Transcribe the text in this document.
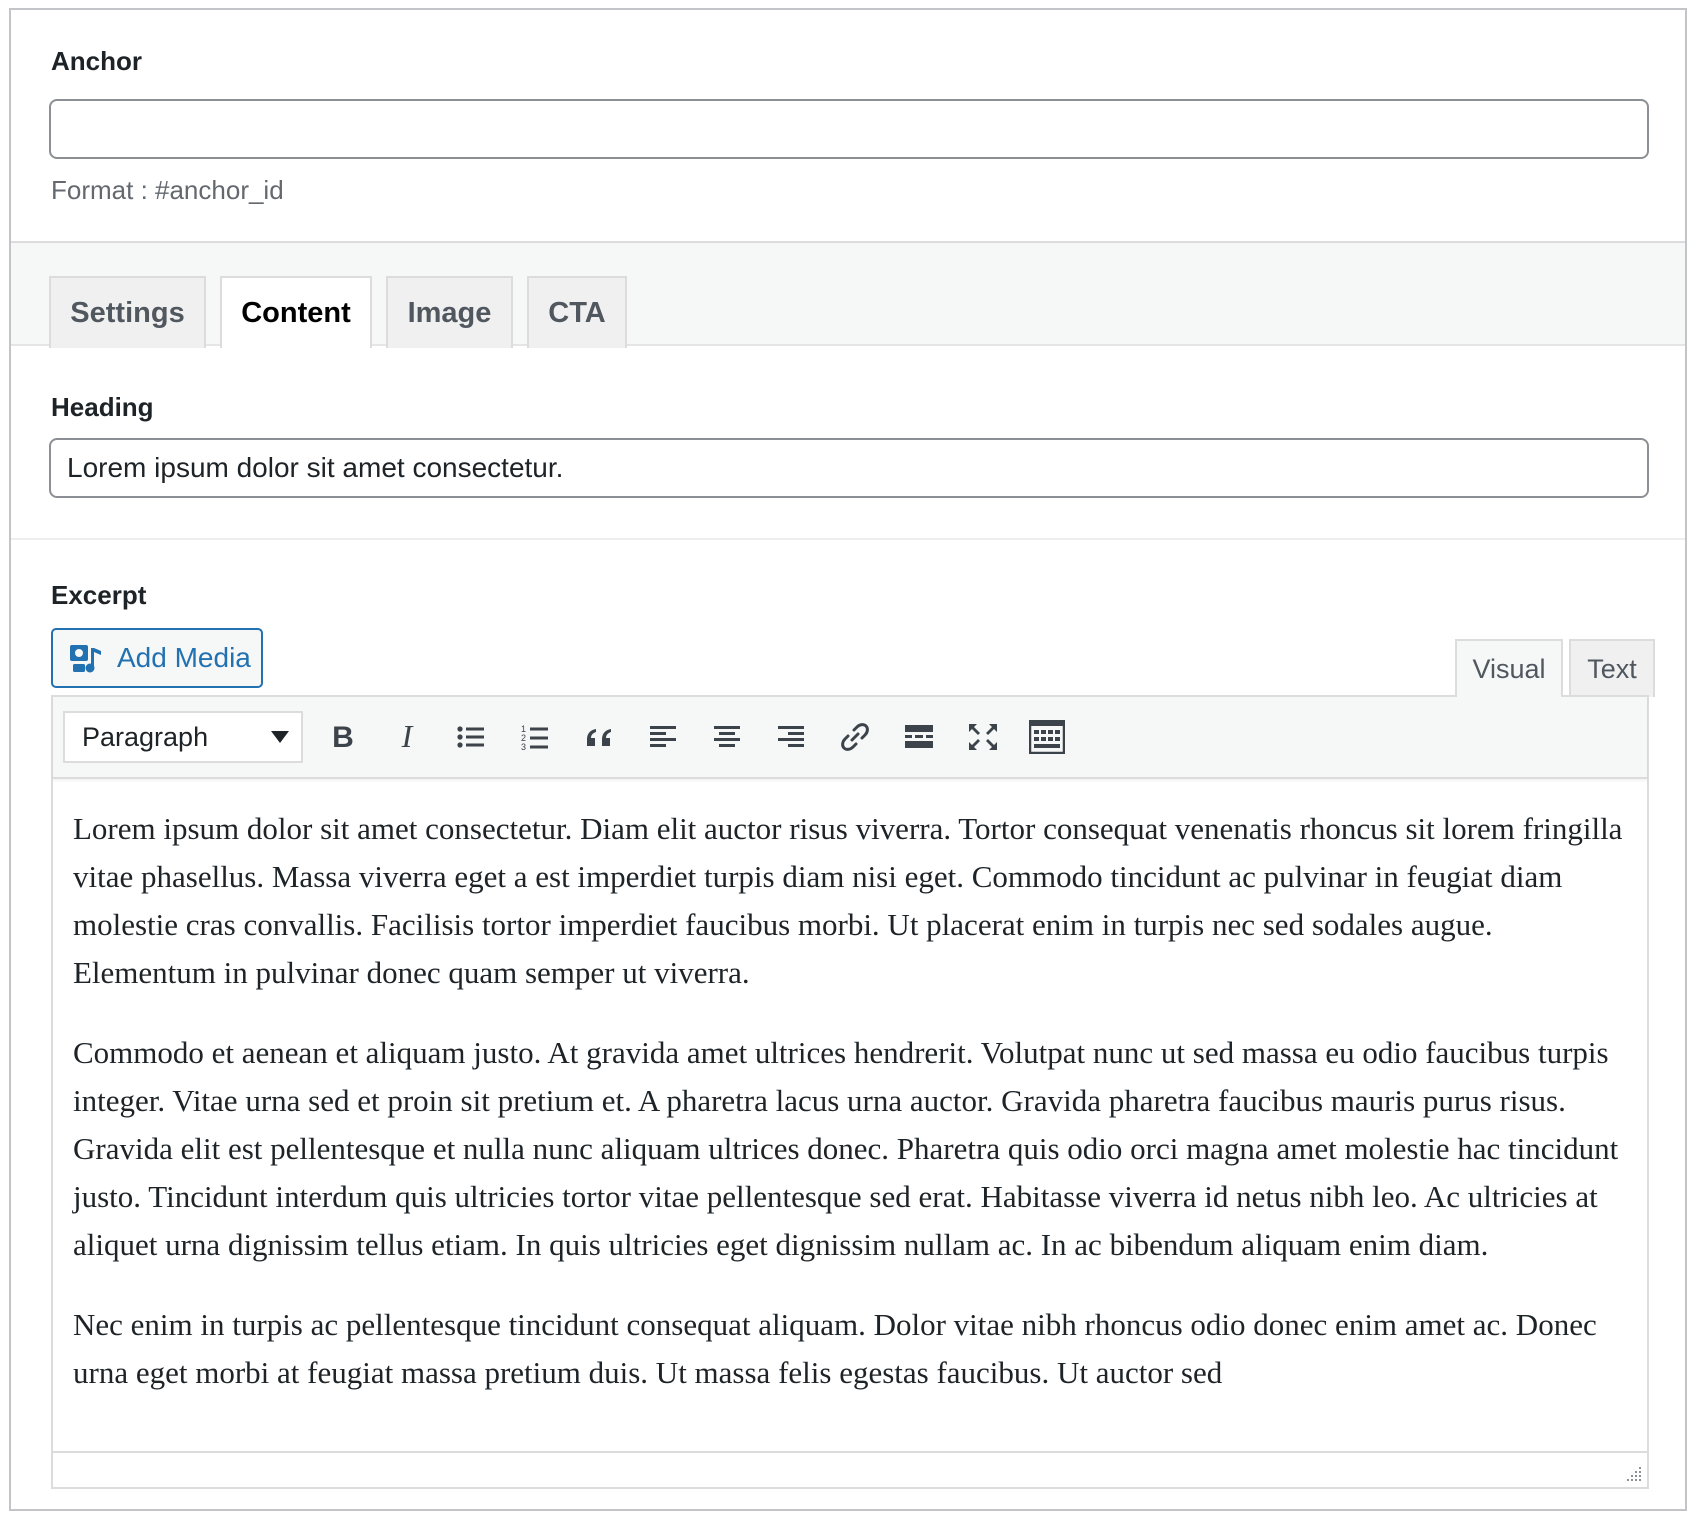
Anchor
Format : #anchor_id
Settings	Content	Image	CTA
Heading
Lorem ipsum dolor sit amet consectetur.
Excerpt
Add Media	Visual	Text
Paragraph	B I	1
2
3

Lorem ipsum dolor sit amet consectetur. Diam elit auctor risus viverra. Tortor consequat venenatis rhoncus sit lorem fringilla vitae phasellus. Massa viverra eget a est imperdiet turpis diam nisi eget. Commodo tincidunt ac pulvinar in feugiat diam molestie cras convallis. Facilisis tortor imperdiet faucibus morbi. Ut placerat enim in turpis nec sed sodales augue. Elementum in pulvinar donec quam semper ut viverra.

Commodo et aenean et aliquam justo. At gravida amet ultrices hendrerit. Volutpat nunc ut sed massa eu odio faucibus turpis integer. Vitae urna sed et proin sit pretium et. A pharetra lacus urna auctor. Gravida pharetra faucibus mauris purus risus. Gravida elit est pellentesque et nulla nunc aliquam ultrices donec. Pharetra quis odio orci magna amet molestie hac tincidunt justo. Tincidunt interdum quis ultricies tortor vitae pellentesque sed erat. Habitasse viverra id netus nibh leo. Ac ultricies at aliquet urna dignissim tellus etiam. In quis ultricies eget dignissim nullam ac. In ac bibendum aliquam enim diam.

Nec enim in turpis ac pellentesque tincidunt consequat aliquam. Dolor vitae nibh rhoncus odio donec enim amet ac. Donec urna eget morbi at feugiat massa pretium duis. Ut massa felis egestas faucibus. Ut auctor sed
